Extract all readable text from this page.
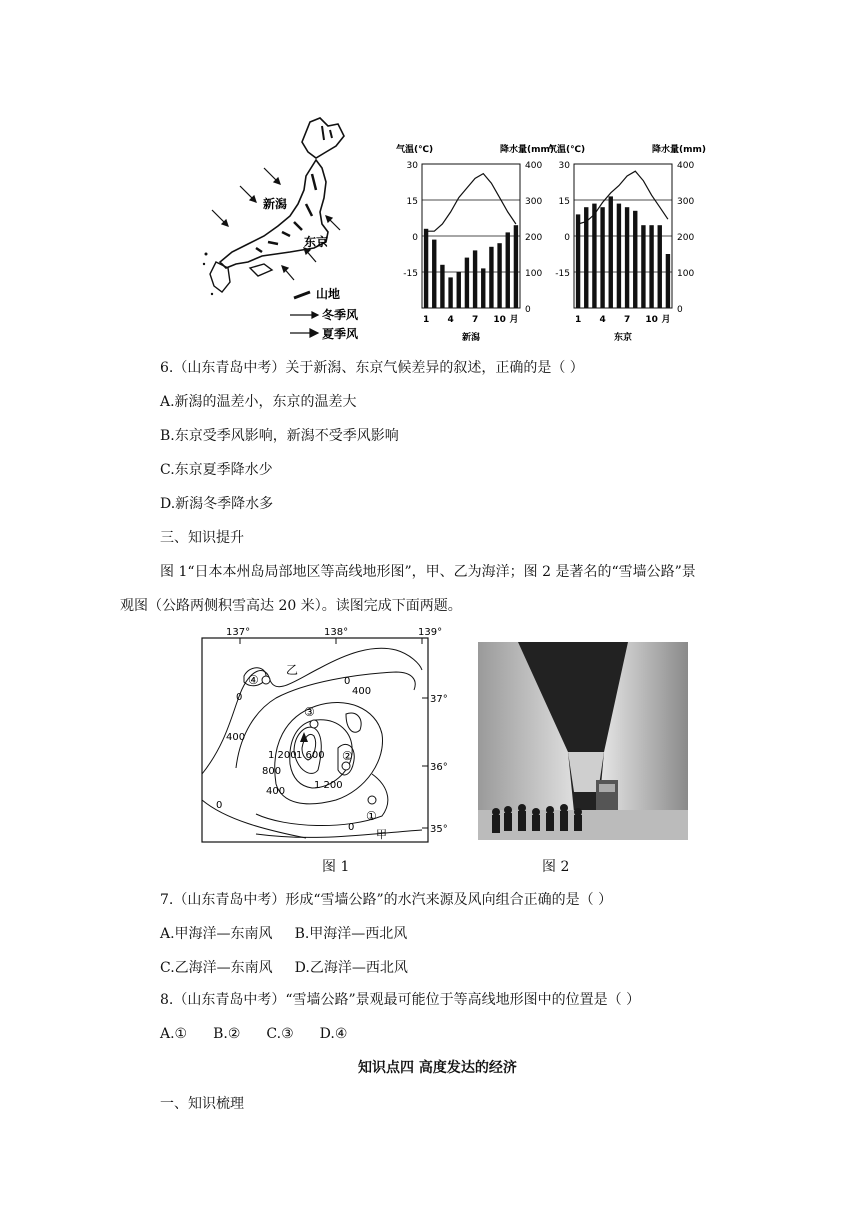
新潟
东京
山地
冬季风
夏季风
气温(℃)	降水量(mm)
30
15
0
-15
400
300
200
100
0
1 4 7 10 月
新潟
气温(℃)	降水量(mm)
30
15
0
-15
400
300
200
100
0
1 4 7 10 月
东京
6.（山东青岛中考）关于新潟、东京气候差异的叙述，正确的是（ ）
A.新潟的温差小，东京的温差大
B.东京受季风影响，新潟不受季风影响
C.东京夏季降水少
D.新潟冬季降水多
三、知识提升
图 1“日本本州岛局部地区等高线地形图”，甲、乙为海洋；图 2 是著名的“雪墙公路”景
观图（公路两侧积雪高达 20 米）。读图完成下面两题。
137°	138°	139°
37°
36°
35°
①
②
③
④
乙
甲
0
400
0
400
1 200 1 600
800
400
1 200
0
0
图 1	图 2
7.（山东青岛中考）形成“雪墙公路”的水汽来源及风向组合正确的是（ ）
A.甲海洋—东南风 B.甲海洋—西北风
C.乙海洋—东南风 D.乙海洋—西北风
8.（山东青岛中考）“雪墙公路”景观最可能位于等高线地形图中的位置是（ ）
A.① B.② C.③ D.④
知识点四 高度发达的经济
一、知识梳理
